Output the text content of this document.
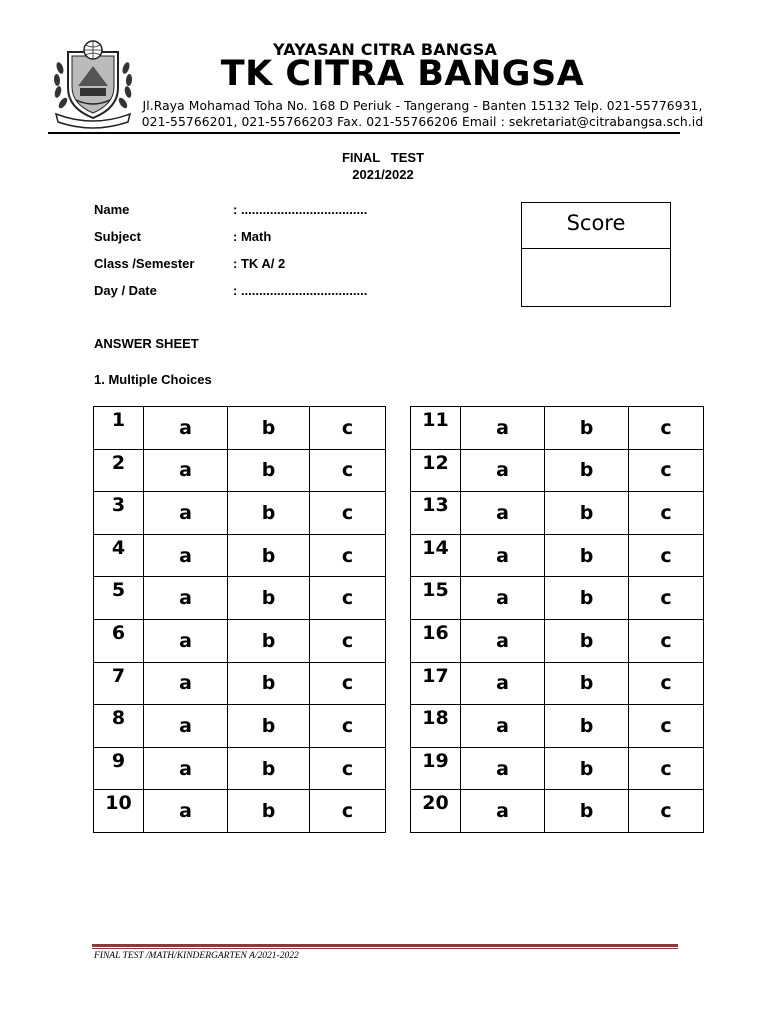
YAYASAN CITRA BANGSA
TK CITRA BANGSA
Jl.Raya Mohamad Toha No. 168 D Periuk - Tangerang - Banten 15132 Telp. 021-55776931,
021-55766201, 021-55766203 Fax. 021-55766206 Email : sekretariat@citrabangsa.sch.id
FINAL   TEST
2021/2022
Name	: ...................................
Subject	: Math
Class /Semester	: TK A/ 2
Day / Date	: ...................................
Score
ANSWER SHEET
1. Multiple Choices
1	a	b	c
2	a	b	c
3	a	b	c
4	a	b	c
5	a	b	c
6	a	b	c
7	a	b	c
8	a	b	c
9	a	b	c
10	a	b	c
11	a	b	c
12	a	b	c
13	a	b	c
14	a	b	c
15	a	b	c
16	a	b	c
17	a	b	c
18	a	b	c
19	a	b	c
20	a	b	c
FINAL TEST /MATH/KINDERGARTEN A/2021-2022
